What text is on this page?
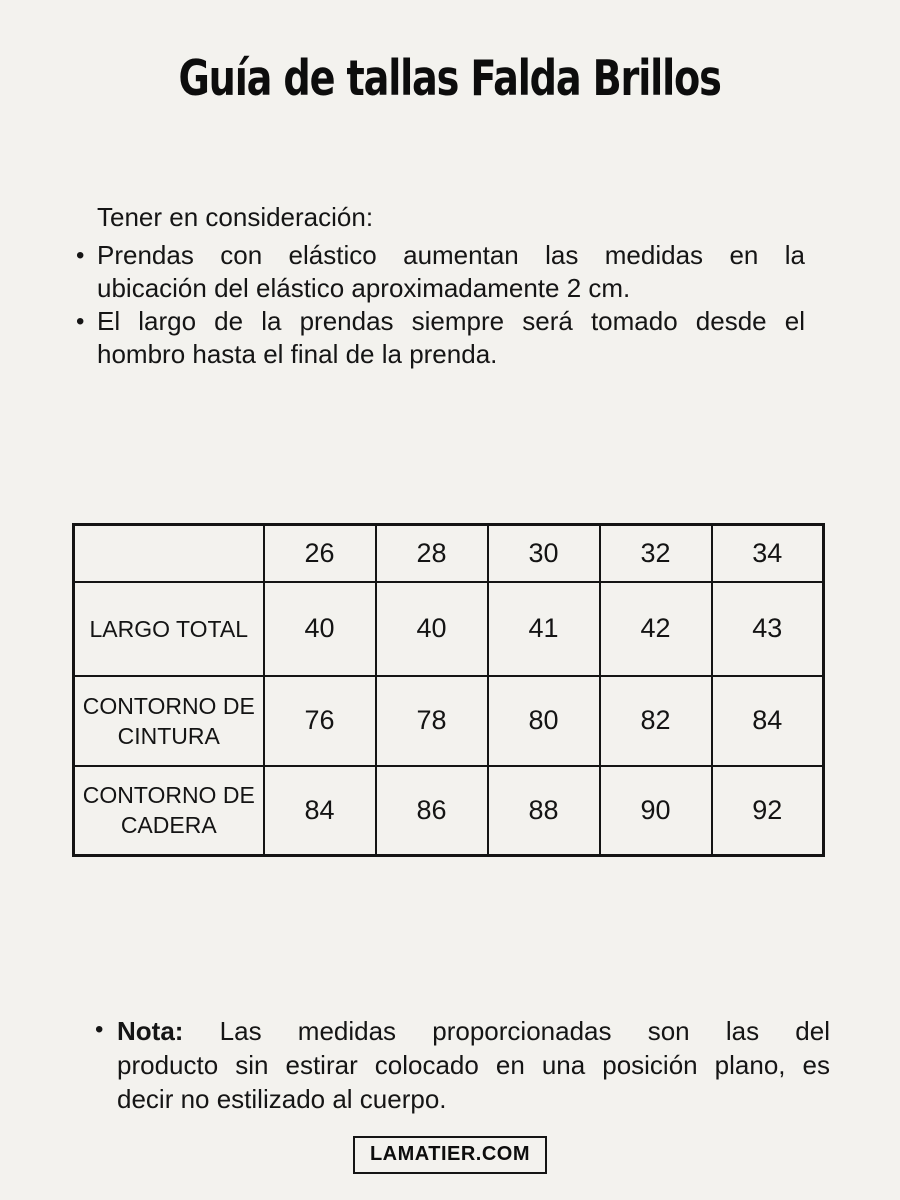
Guía de tallas Falda Brillos
Tener en consideración:
• Prendas con elástico aumentan las medidas en la
ubicación del elástico aproximadamente 2 cm.
• El largo de la prendas siempre será tomado desde el
hombro hasta el final de la prenda.
	26	28	30	32	34
LARGO TOTAL	40	40	41	42	43
CONTORNO DE CINTURA	76	78	80	82	84
CONTORNO DE CADERA	84	86	88	90	92
• Nota: Las medidas proporcionadas son las del
producto sin estirar colocado en una posición plano, es
decir no estilizado al cuerpo.
LAMATIER.COM
